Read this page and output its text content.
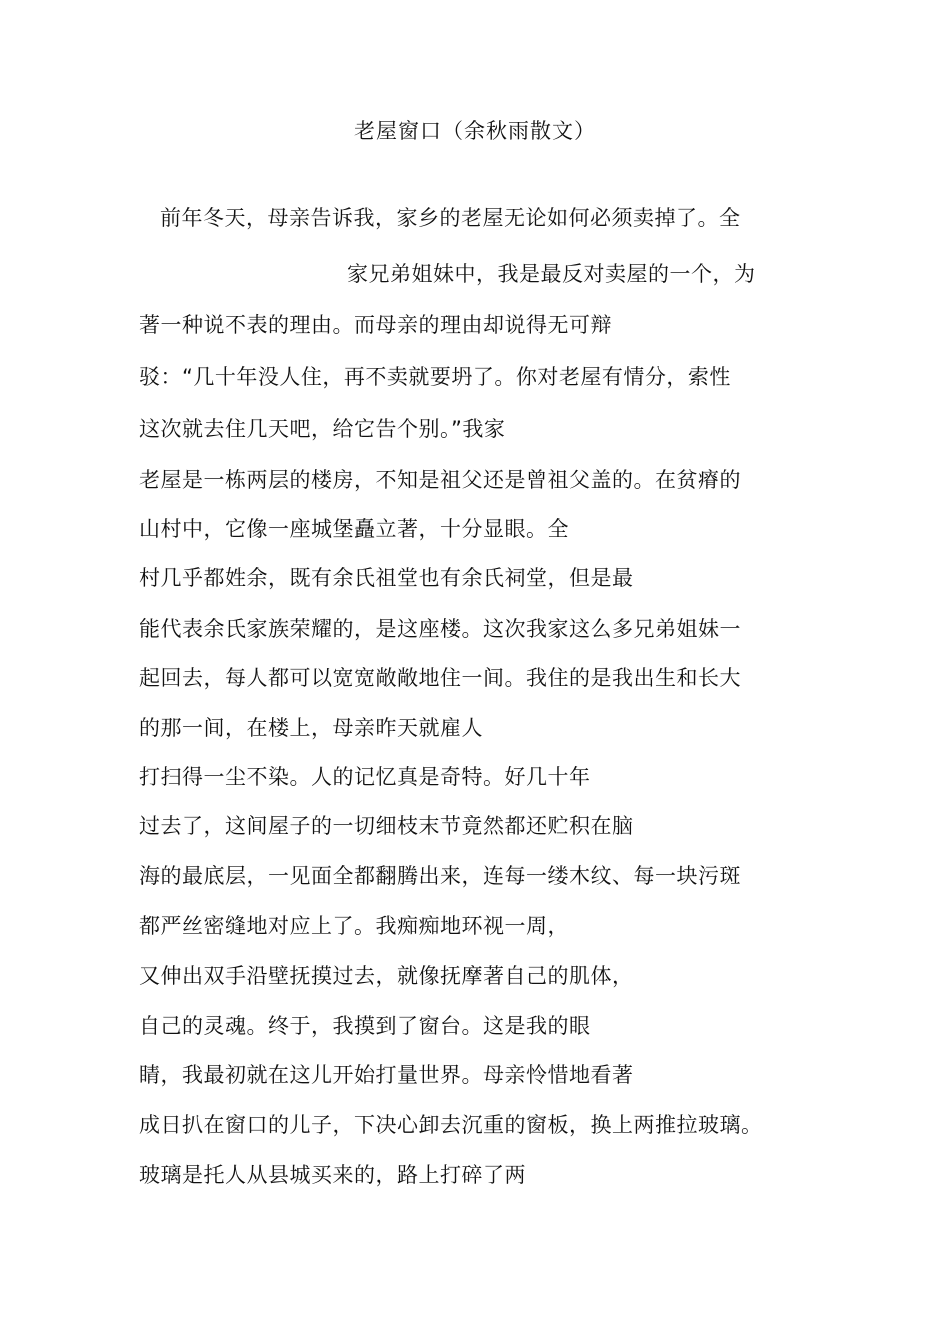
老屋窗口（余秋雨散文）
前年冬天，母亲告诉我，家乡的老屋无论如何必须卖掉了。全
家兄弟姐妹中，我是最反对卖屋的一个，为
著一种说不表的理由。而母亲的理由却说得无可辩
驳：“几十年没人住，再不卖就要坍了。你对老屋有情分，索性
这次就去住几天吧，给它告个别。”我家
老屋是一栋两层的楼房，不知是祖父还是曾祖父盖的。在贫瘠的
山村中，它像一座城堡矗立著，十分显眼。全
村几乎都姓余，既有余氏祖堂也有余氏祠堂，但是最
能代表余氏家族荣耀的，是这座楼。这次我家这么多兄弟姐妹一
起回去，每人都可以宽宽敞敞地住一间。我住的是我出生和长大
的那一间，在楼上，母亲昨天就雇人
打扫得一尘不染。人的记忆真是奇特。好几十年
过去了，这间屋子的一切细枝末节竟然都还贮积在脑
海的最底层，一见面全都翻腾出来，连每一缕木纹、每一块污斑
都严丝密缝地对应上了。我痴痴地环视一周，
又伸出双手沿壁抚摸过去，就像抚摩著自己的肌体，
自己的灵魂。终于，我摸到了窗台。这是我的眼
睛，我最初就在这儿开始打量世界。母亲怜惜地看著
成日扒在窗口的儿子，下决心卸去沉重的窗板，换上两推拉玻璃。
玻璃是托人从县城买来的，路上打碎了两
